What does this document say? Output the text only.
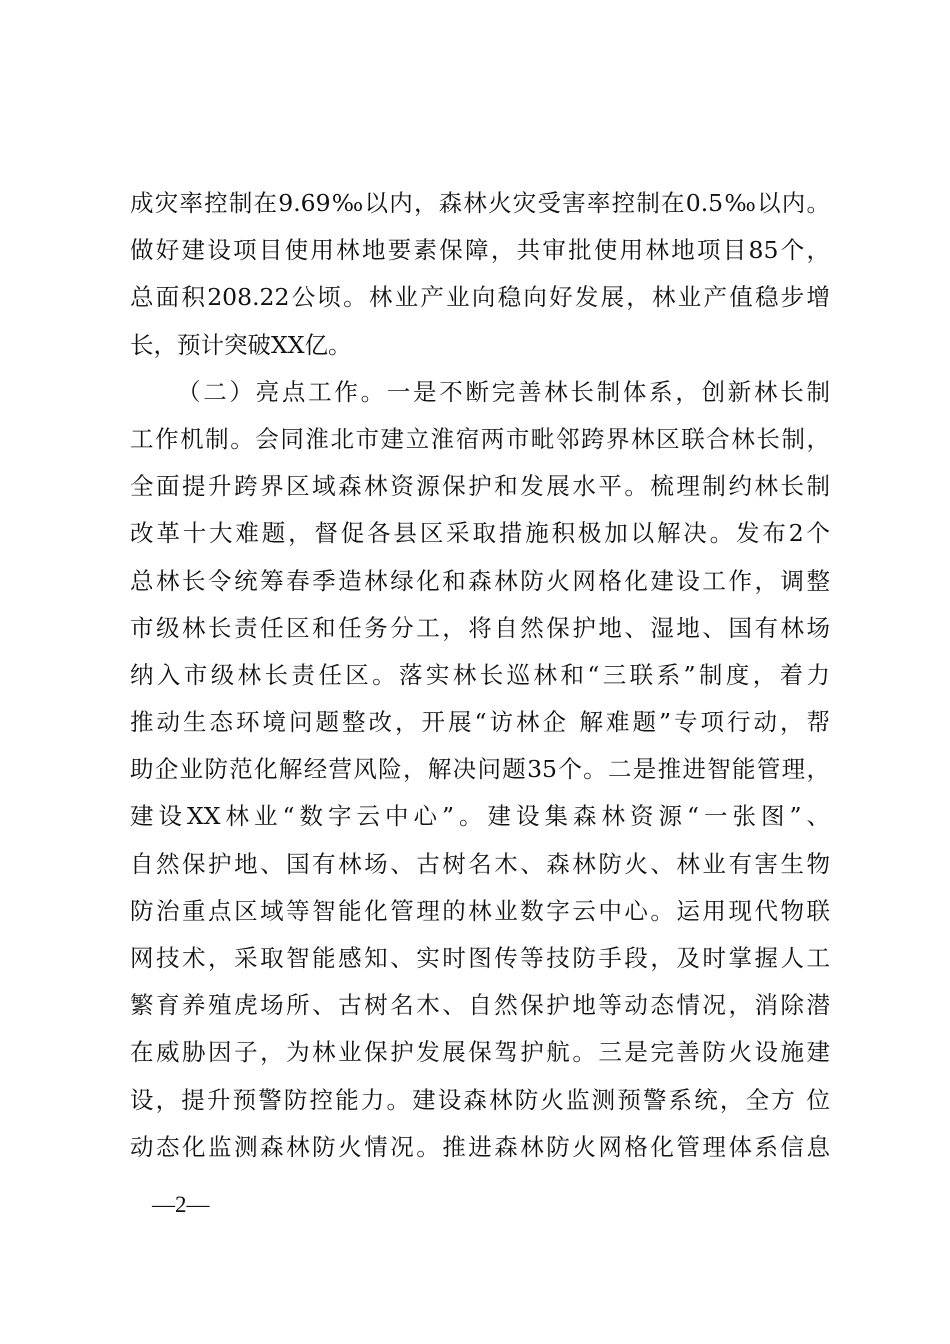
成灾率控制在9.69‰以内，森林火灾受害率控制在0.5‰以内。
做好建设项目使用林地要素保障，共审批使用林地项目85个，
总面积208.22公顷。林业产业向稳向好发展，林业产值稳步增
长，预计突破XX亿。
（二）亮点工作。一是不断完善林长制体系，创新林长制
工作机制。会同淮北市建立淮宿两市毗邻跨界林区联合林长制，
全面提升跨界区域森林资源保护和发展水平。梳理制约林长制
改革十大难题，督促各县区采取措施积极加以解决。发布2个
总林长令统筹春季造林绿化和森林防火网格化建设工作，调整
市级林长责任区和任务分工，将自然保护地、湿地、国有林场
纳入市级林长责任区。落实林长巡林和“三联系”制度，着力
推动生态环境问题整改，开展“访林企 解难题”专项行动，帮
助企业防范化解经营风险，解决问题35个。二是推进智能管理，
建设XX林业“数字云中心”。建设集森林资源“一张图”、
自然保护地、国有林场、古树名木、森林防火、林业有害生物
防治重点区域等智能化管理的林业数字云中心。运用现代物联
网技术，采取智能感知、实时图传等技防手段，及时掌握人工
繁育养殖虎场所、古树名木、自然保护地等动态情况，消除潜
在威胁因子，为林业保护发展保驾护航。三是完善防火设施建
设，提升预警防控能力。建设森林防火监测预警系统，全方 位
动态化监测森林防火情况。推进森林防火网格化管理体系信息
—2—
